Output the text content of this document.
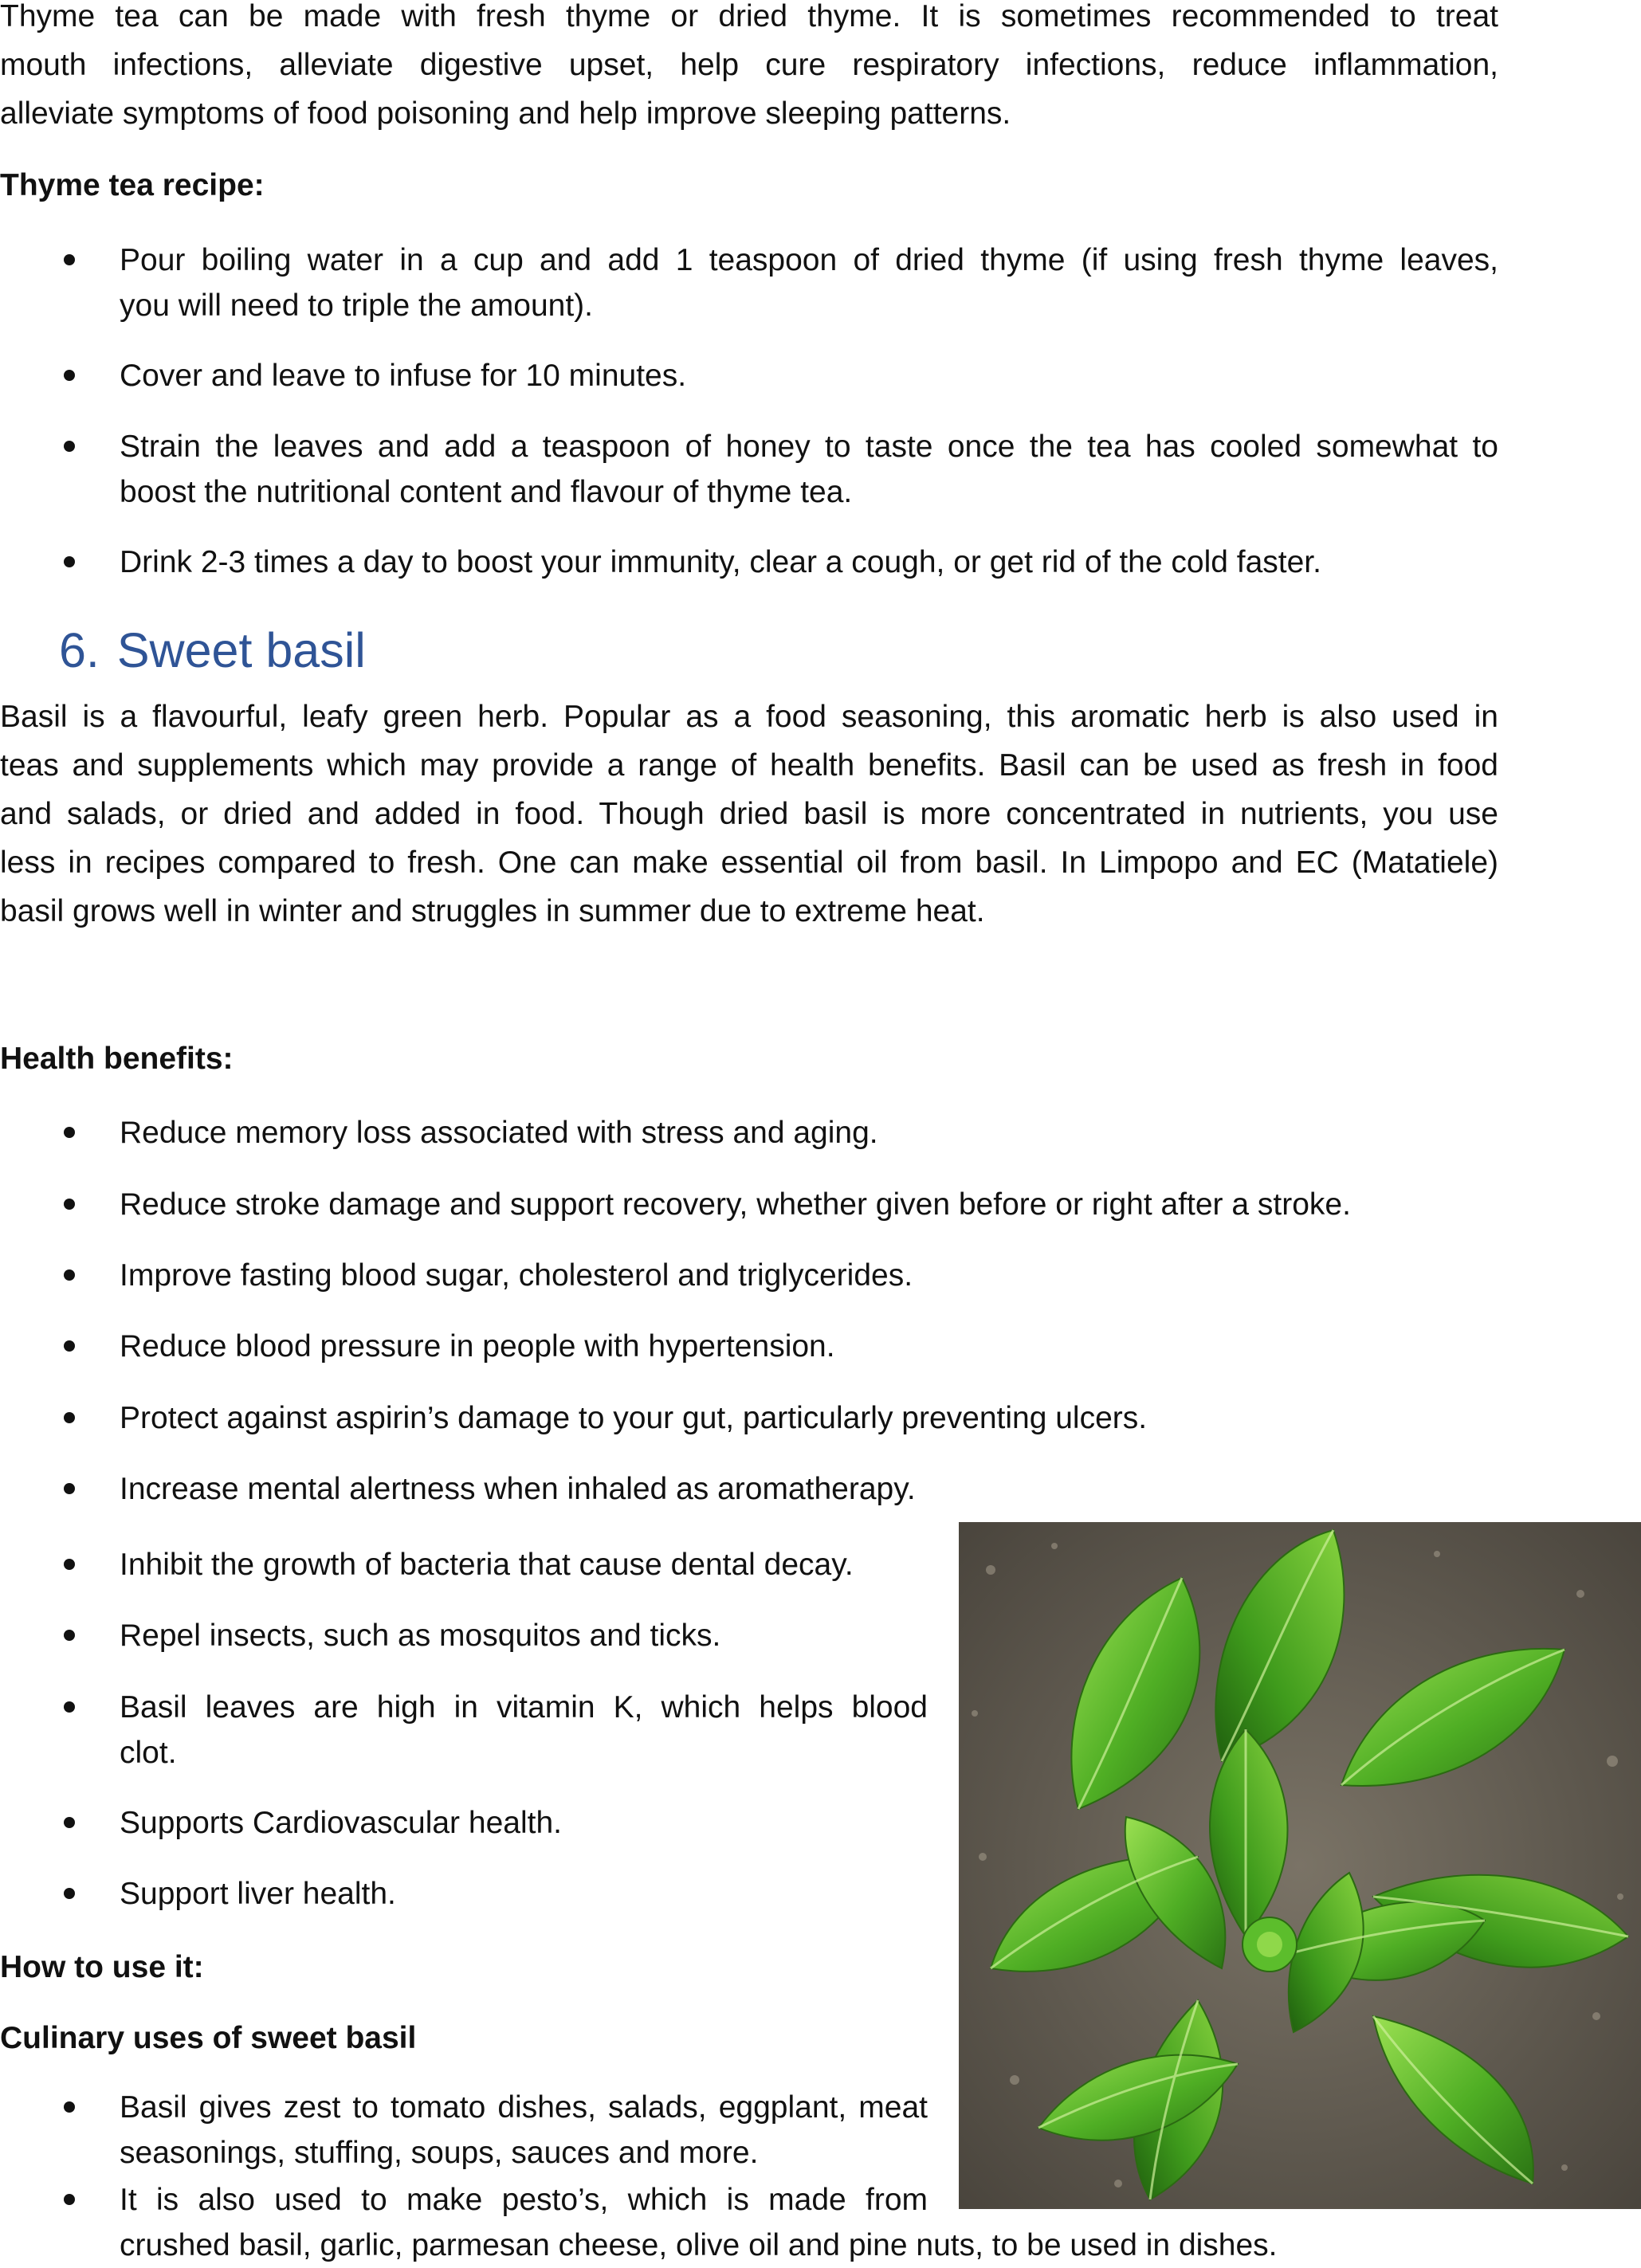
Thyme tea can be made with fresh thyme or dried thyme. It is sometimes recommended to treat

mouth infections, alleviate digestive upset, help cure respiratory infections, reduce inflammation,

alleviate symptoms of food poisoning and help improve sleeping patterns.

Thyme tea recipe:

Pour boiling water in a cup and add 1 teaspoon of dried thyme (if using fresh thyme leaves,
you will need to triple the amount).
Cover and leave to infuse for 10 minutes.
Strain the leaves and add a teaspoon of honey to taste once the tea has cooled somewhat to
boost the nutritional content and flavour of thyme tea.
Drink 2-3 times a day to boost your immunity, clear a cough, or get rid of the cold faster.
6. Sweet basil

Basil is a flavourful, leafy green herb. Popular as a food seasoning, this aromatic herb is also used in

teas and supplements which may provide a range of health benefits. Basil can be used as fresh in food

and salads, or dried and added in food. Though dried basil is more concentrated in nutrients, you use

less in recipes compared to fresh. One can make essential oil from basil. In Limpopo and EC (Matatiele)

basil grows well in winter and struggles in summer due to extreme heat.

Health benefits:

Reduce memory loss associated with stress and aging.
Reduce stroke damage and support recovery, whether given before or right after a stroke.
Improve fasting blood sugar, cholesterol and triglycerides.
Reduce blood pressure in people with hypertension.
Protect against aspirin’s damage to your gut, particularly preventing ulcers.
Increase mental alertness when inhaled as aromatherapy.
Inhibit the growth of bacteria that cause dental decay.
Repel insects, such as mosquitos and ticks.
Basil leaves are high in vitamin K, which helps blood
clot.
Supports Cardiovascular health.
Support liver health.

How to use it:

Culinary uses of sweet basil

Basil gives zest to tomato dishes, salads, eggplant, meat
seasonings, stuffing, soups, sauces and more.
It is also used to make pesto’s, which is made from
crushed basil, garlic, parmesan cheese, olive oil and pine nuts, to be used in dishes.
